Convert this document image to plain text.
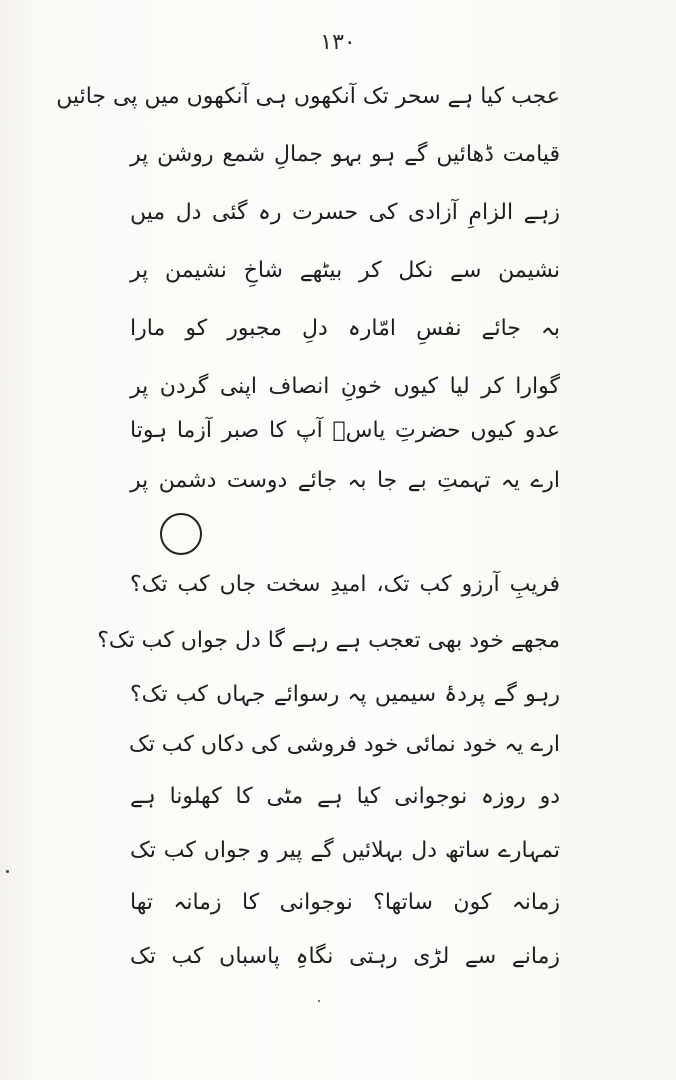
۱۳۰
عجب کیا ہے سحر تک آنکھوں ہی آنکھوں میں پی جائیں
قیامت ڈھائیں گے ہو بہو جمالِ شمع روشن پر
زہے الزامِ آزادی کی حسرت رہ گئی دل میں
نشیمن سے نکل کر بیٹھے شاخِ نشیمن پر
بہ جائے نفسِ امّارہ دلِ مجبور کو مارا
گوارا کر لیا کیوں خونِ انصاف اپنی گردن پر
عدو کیوں حضرتِ یاسؔ آپ کا صبر آزما ہوتا
ارے یہ تہمتِ بے جا بہ جائے دوست دشمن پر
فریبِ آرزو کب تک، امیدِ سخت جاں کب تک؟
مجھے خود بھی تعجب ہے رہے گا دل جواں کب تک؟
رہو گے پردۂ سیمیں پہ رسوائے جہاں کب تک؟
ارے یہ خود نمائی خود فروشی کی دکاں کب تک
دو روزہ نوجوانی کیا ہے مٹی کا کھلونا ہے
تمہارے ساتھ دل بہلائیں گے پیر و جواں کب تک
زمانہ کون ساتھا؟ نوجوانی کا زمانہ تھا
زمانے سے لڑی رہتی نگاہِ پاسباں کب تک
